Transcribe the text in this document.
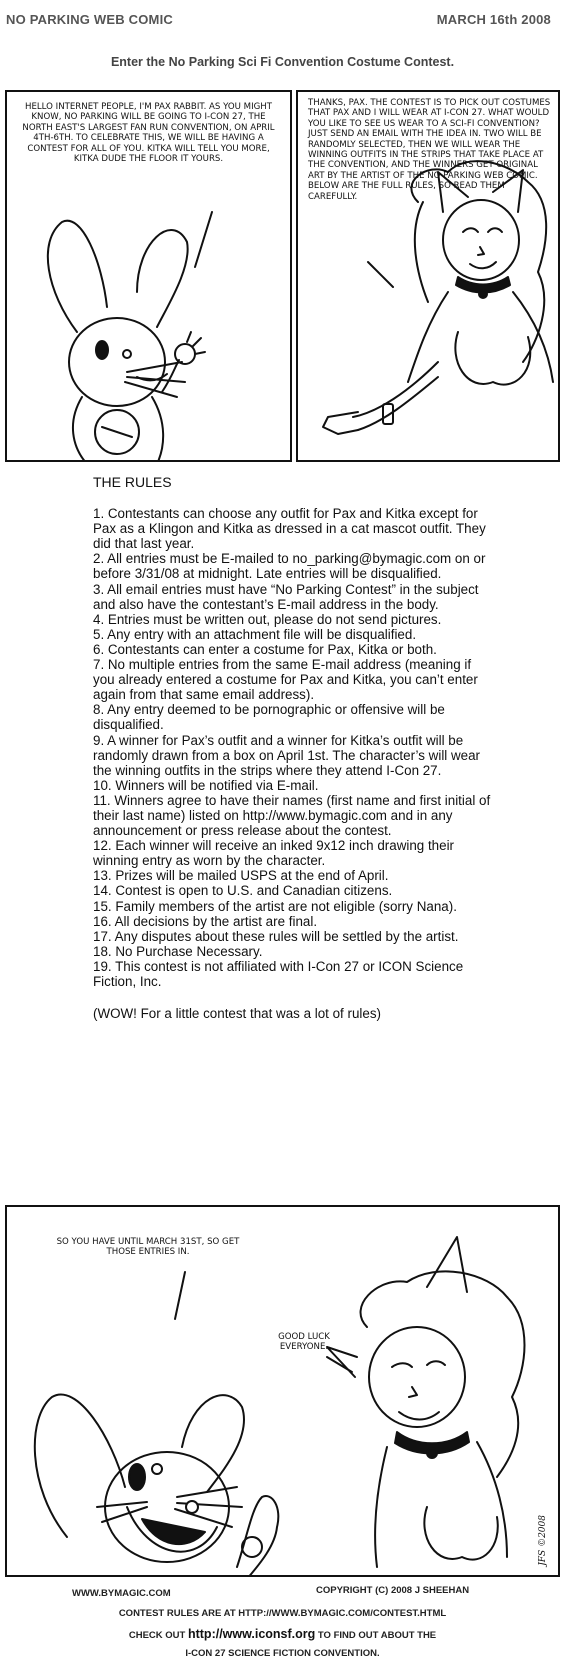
NO PARKING WEB COMIC	MARCH 16th 2008
Enter the No Parking Sci Fi Convention Costume Contest.
HELLO INTERNET PEOPLE, I'M PAX RABBIT. AS YOU MIGHT KNOW, NO PARKING WILL BE GOING TO I-CON 27, THE NORTH EAST'S LARGEST FAN RUN CONVENTION, ON APRIL 4TH-6TH. TO CELEBRATE THIS, WE WILL BE HAVING A CONTEST FOR ALL OF YOU. KITKA WILL TELL YOU MORE, KITKA DUDE THE FLOOR IT YOURS.
THANKS, PAX. THE CONTEST IS TO PICK OUT COSTUMES THAT PAX AND I WILL WEAR AT I-CON 27. WHAT WOULD YOU LIKE TO SEE US WEAR TO A SCI-FI CONVENTION? JUST SEND AN EMAIL WITH THE IDEA IN. TWO WILL BE RANDOMLY SELECTED, THEN WE WILL WEAR THE WINNING OUTFITS IN THE STRIPS THAT TAKE PLACE AT THE CONVENTION, AND THE WINNERS GET ORIGINAL ART BY THE ARTIST OF THE NO PARKING WEB COMIC. BELOW ARE THE FULL RULES, SO READ THEM CAREFULLY.
THE RULES

1. Contestants can choose any outfit for Pax and Kitka except for Pax as a Klingon and Kitka as dressed in a cat mascot outfit. They did that last year.

2. All entries must be E-mailed to no_parking@bymagic.com on or before 3/31/08 at midnight. Late entries will be disqualified.

3. All email entries must have “No Parking Contest” in the subject and also have the contestant’s E-mail address in the body.

4. Entries must be written out, please do not send pictures.

5. Any entry with an attachment file will be disqualified.

6. Contestants can enter a costume for Pax, Kitka or both.

7. No multiple entries from the same E-mail address (meaning if you already entered a costume for Pax and Kitka, you can’t enter again from that same email address).

8. Any entry deemed to be pornographic or offensive will be disqualified.

9. A winner for Pax’s outfit and a winner for Kitka’s outfit will be randomly drawn from a box on April 1st. The character’s will wear the winning outfits in the strips where they attend I-Con 27.

10. Winners will be notified via E-mail.

11. Winners agree to have their names (first name and first initial of their last name) listed on http://www.bymagic.com and in any announcement or press release about the contest.

12. Each winner will receive an inked 9x12 inch drawing their winning entry as worn by the character.

13. Prizes will be mailed USPS at the end of April.

14. Contest is open to U.S. and Canadian citizens.

15. Family members of the artist are not eligible (sorry Nana).

16. All decisions by the artist are final.

17. Any disputes about these rules will be settled by the artist.

18. No Purchase Necessary.

19. This contest is not affiliated with I-Con 27 or ICON Science Fiction, Inc.

(WOW! For a little contest that was a lot of rules)

SO YOU HAVE UNTIL MARCH 31ST, SO GET THOSE ENTRIES IN.
GOOD LUCK EVERYONE.
JFS ©2008
WWW.BYMAGIC.COM	COPYRIGHT (C) 2008 J SHEEHAN
CONTEST RULES ARE AT HTTP://WWW.BYMAGIC.COM/CONTEST.HTML
CHECK OUT http://www.iconsf.org TO FIND OUT ABOUT THE
I-CON 27 SCIENCE FICTION CONVENTION.
